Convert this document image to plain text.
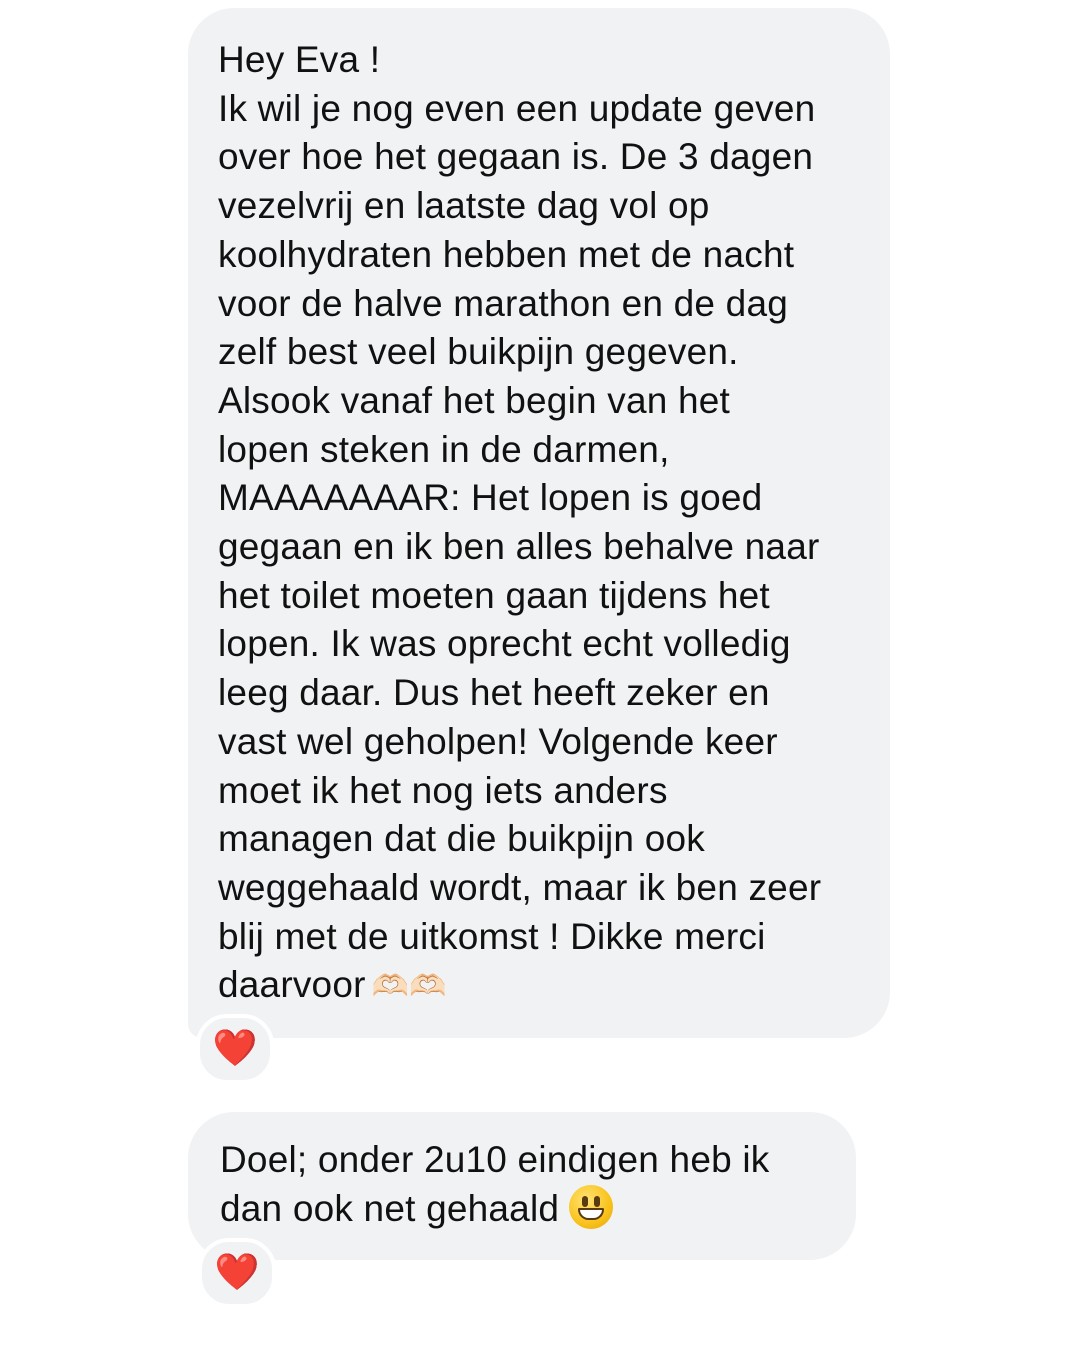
Hey Eva !
Ik wil je nog even een update geven
over hoe het gegaan is. De 3 dagen
vezelvrij en laatste dag vol op
koolhydraten hebben met de nacht
voor de halve marathon en de dag
zelf best veel buikpijn gegeven.
Alsook vanaf het begin van het
lopen steken in de darmen,
MAAAAAAAR: Het lopen is goed
gegaan en ik ben alles behalve naar
het toilet moeten gaan tijdens het
lopen. Ik was oprecht echt volledig
leeg daar. Dus het heeft zeker en
vast wel geholpen! Volgende keer
moet ik het nog iets anders
managen dat die buikpijn ook
weggehaald wordt, maar ik ben zeer
blij met de uitkomst ! Dikke merci
daarvoor 🫶🏻🫶🏻
❤️
Doel; onder 2u10 eindigen heb ik
dan ook net gehaald
❤️
